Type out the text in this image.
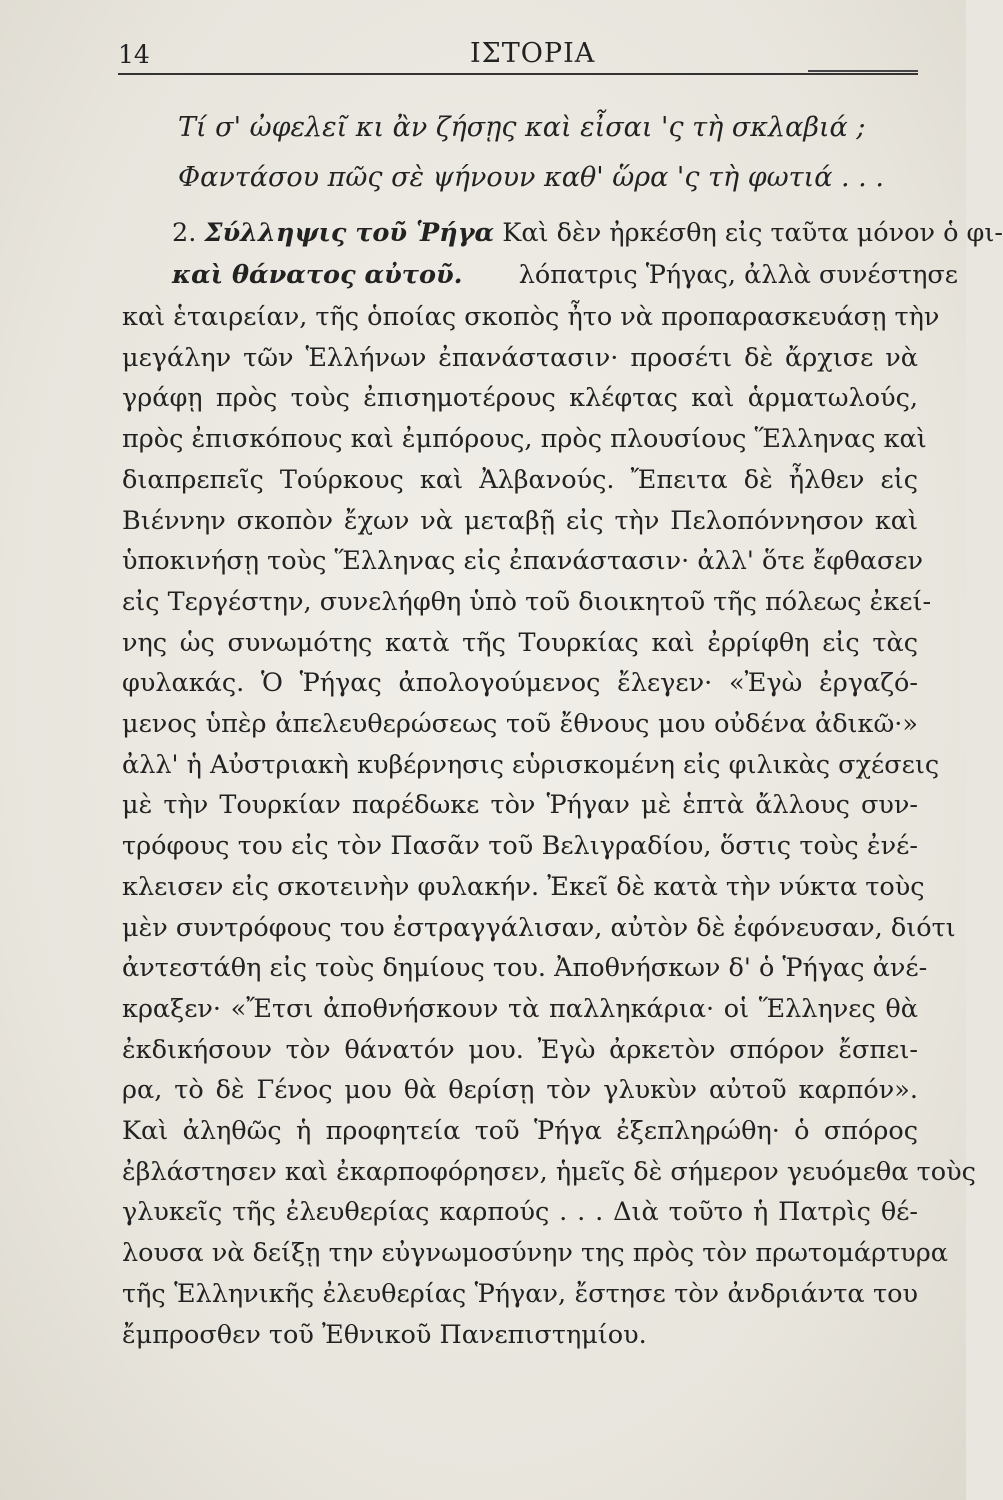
14	ΙΣΤΟΡΙΑ
Τί σ' ὠφελεῖ κι ἂν ζήσῃς καὶ εἶσαι 'ς τὴ σκλαβιά ;
Φαντάσου πῶς σὲ ψήνουν καθ' ὥρα 'ς τὴ φωτιά . . .
2. Σύλληψις τοῦ Ῥήγα Καὶ δὲν ἠρκέσθη εἰς ταῦτα μόνον ὁ φι-
καὶ θάνατος αὐτοῦ. λόπατρις Ῥήγας, ἀλλὰ συνέστησε
καὶ ἑταιρείαν, τῆς ὁποίας σκοπὸς ἦτο νὰ προπαρασκευάσῃ τὴν
μεγάλην τῶν Ἑλλήνων ἐπανάστασιν· προσέτι δὲ ἄρχισε νὰ
γράφῃ πρὸς τοὺς ἐπισημοτέρους κλέφτας καὶ ἁρματωλούς,
πρὸς ἐπισκόπους καὶ ἐμπόρους, πρὸς πλουσίους Ἕλληνας καὶ
διαπρεπεῖς Τούρκους καὶ Ἀλβανούς. Ἔπειτα δὲ ἦλθεν εἰς
Βιέννην σκοπὸν ἔχων νὰ μεταβῇ εἰς τὴν Πελοπόννησον καὶ
ὑποκινήσῃ τοὺς Ἕλληνας εἰς ἐπανάστασιν· ἀλλ' ὅτε ἔφθασεν
εἰς Τεργέστην, συνελήφθη ὑπὸ τοῦ διοικητοῦ τῆς πόλεως ἐκεί-
νης ὡς συνωμότης κατὰ τῆς Τουρκίας καὶ ἐρρίφθη εἰς τὰς
φυλακάς. Ὁ Ῥήγας ἀπολογούμενος ἔλεγεν· «Ἐγὼ ἐργαζό-
μενος ὑπὲρ ἀπελευθερώσεως τοῦ ἔθνους μου οὐδένα ἀδικῶ·»
ἀλλ' ἡ Αὐστριακὴ κυβέρνησις εὑρισκομένη εἰς φιλικὰς σχέσεις
μὲ τὴν Τουρκίαν παρέδωκε τὸν Ῥήγαν μὲ ἑπτὰ ἄλλους συν-
τρόφους του εἰς τὸν Πασᾶν τοῦ Βελιγραδίου, ὅστις τοὺς ἐνέ-
κλεισεν εἰς σκοτεινὴν φυλακήν. Ἐκεῖ δὲ κατὰ τὴν νύκτα τοὺς
μὲν συντρόφους του ἐστραγγάλισαν, αὐτὸν δὲ ἐφόνευσαν, διότι
ἀντεστάθη εἰς τοὺς δημίους του. Ἀποθνήσκων δ' ὁ Ῥήγας ἀνέ-
κραξεν· «Ἔτσι ἀποθνήσκουν τὰ παλληκάρια· οἱ Ἕλληνες θὰ
ἐκδικήσουν τὸν θάνατόν μου. Ἐγὼ ἀρκετὸν σπόρον ἔσπει-
ρα, τὸ δὲ Γένος μου θὰ θερίσῃ τὸν γλυκὺν αὐτοῦ καρπόν».
Καὶ ἀληθῶς ἡ προφητεία τοῦ Ῥήγα ἐξεπληρώθη· ὁ σπόρος
ἐβλάστησεν καὶ ἐκαρποφόρησεν, ἡμεῖς δὲ σήμερον γευόμεθα τοὺς
γλυκεῖς τῆς ἐλευθερίας καρπούς . . . Διὰ τοῦτο ἡ Πατρὶς θέ-
λουσα νὰ δείξῃ την εὐγνωμοσύνην της πρὸς τὸν πρωτομάρτυρα
τῆς Ἑλληνικῆς ἐλευθερίας Ῥήγαν, ἔστησε τὸν ἀνδριάντα του
ἔμπροσθεν τοῦ Ἐθνικοῦ Πανεπιστημίου.
